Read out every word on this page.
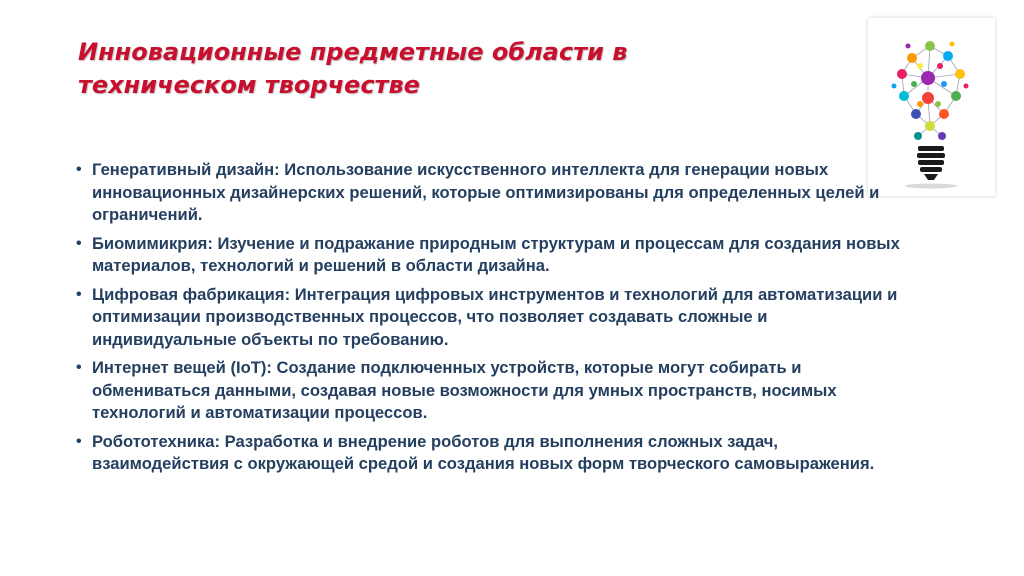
Инновационные предметные области в техническом творчестве
• Генеративный дизайн: Использование искусственного интеллекта для генерации новых инновационных дизайнерских решений, которые оптимизированы для определенных целей и ограничений.
• Биомимикрия: Изучение и подражание природным структурам и процессам для создания новых материалов, технологий и решений в области дизайна.
• Цифровая фабрикация: Интеграция цифровых инструментов и технологий для автоматизации и оптимизации производственных процессов, что позволяет создавать сложные и индивидуальные объекты по требованию.
• Интернет вещей (IoT): Создание подключенных устройств, которые могут собирать и обмениваться данными, создавая новые возможности для умных пространств, носимых технологий и автоматизации процессов.
• Робототехника: Разработка и внедрение роботов для выполнения сложных задач, взаимодействия с окружающей средой и создания новых форм творческого самовыражения.
